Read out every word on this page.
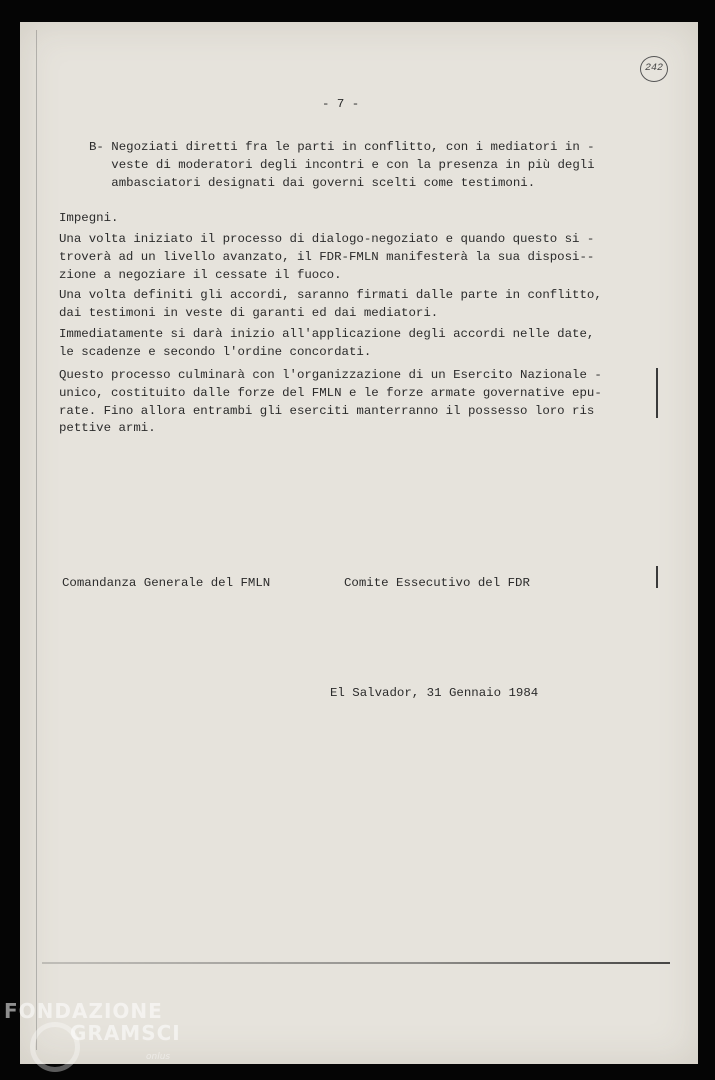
242
- 7 -
B- Negoziati diretti fra le parti in conflitto, con i mediatori in -
veste di moderatori degli incontri e con la presenza in più degli
ambasciatori designati dai governi scelti come testimoni.
Impegni.
Una volta iniziato il processo di dialogo-negoziato e quando questo si -
troverà ad un livello avanzato, il FDR-FMLN manifesterà la sua disposi--
zione a negoziare il cessate il fuoco.
Una volta definiti gli accordi, saranno firmati dalle parte in conflitto,
dai testimoni in veste di garanti ed dai mediatori.
Immediatamente si darà inizio all'applicazione degli accordi nelle date,
le scadenze e secondo l'ordine concordati.
Questo processo culminarà con l'organizzazione di un Esercito Nazionale -
unico, costituito dalle forze del FMLN e le forze armate governative epu-
rate. Fino allora entrambi gli eserciti manterranno il possesso loro ris
pettive armi.
Comandanza Generale del FMLN	Comite Essecutivo del FDR
El Salvador, 31 Gennaio 1984
FONDAZIONE
GRAMSCI
onlus
